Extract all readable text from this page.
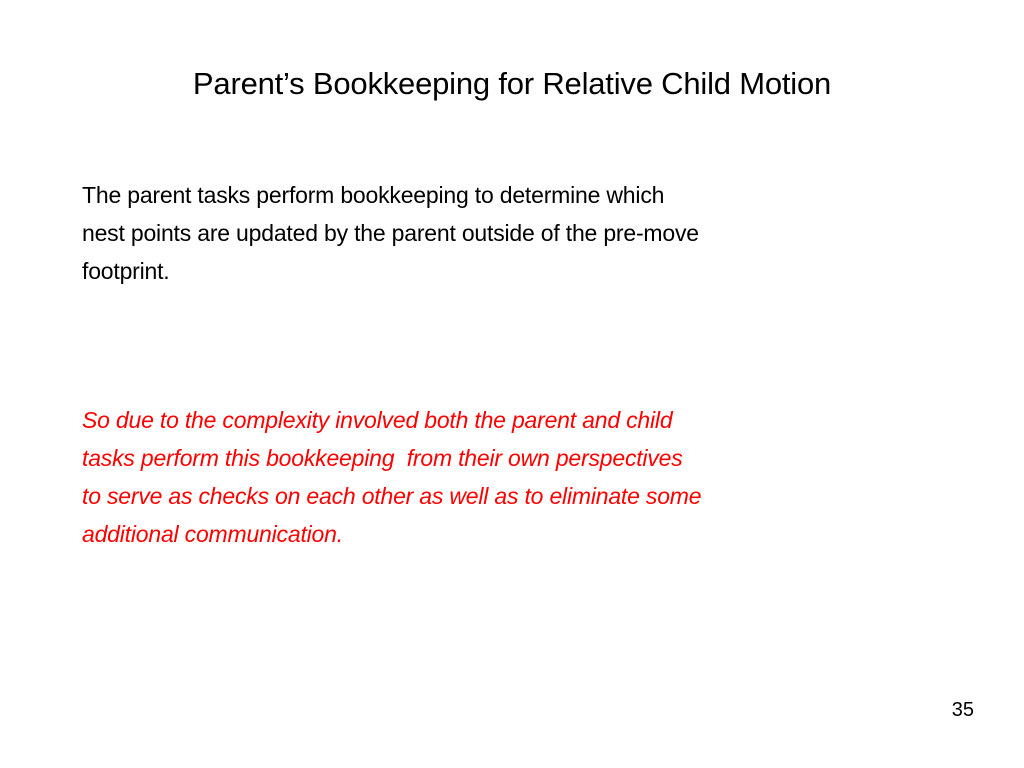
Parent’s Bookkeeping for Relative Child Motion
The parent tasks perform bookkeeping to determine which
nest points are updated by the parent outside of the pre-move
footprint.
So due to the complexity involved both the parent and child
tasks perform this bookkeeping  from their own perspectives
to serve as checks on each other as well as to eliminate some
additional communication.
35
